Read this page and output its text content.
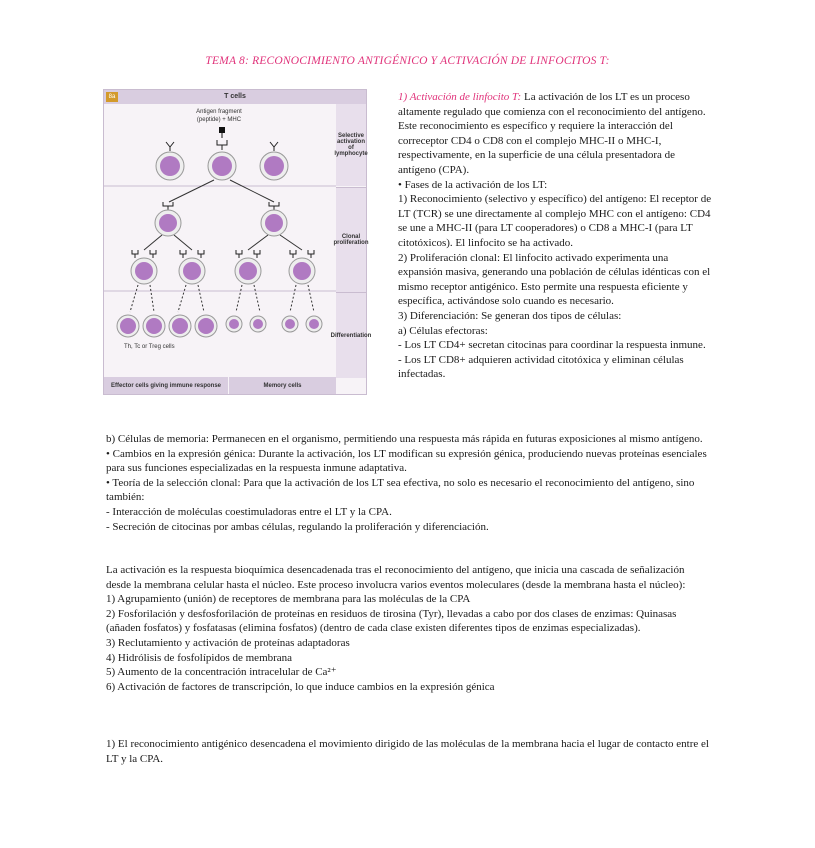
TEMA 8: RECONOCIMIENTO ANTIGÉNICO Y ACTIVACIÓN DE LINFOCITOS T:
T cells
8a
Selective activation of lymphocyte
Clonal proliferation
Differentiation
Antigen fragment
(peptide) + MHC
Th, Tc or Treg cells
Effector cells giving immune response	Memory cells

1) Activación de linfocito T: La activación de los LT es un proceso altamente regulado que comienza con el reconocimiento del antígeno. Este reconocimiento es específico y requiere la interacción del correceptor CD4 o CD8 con el complejo MHC-II o MHC-I, respectivamente, en la superficie de una célula presentadora de antígeno (CPA).

• Fases de la activación de los LT:

1) Reconocimiento (selectivo y específico) del antígeno: El receptor de LT (TCR) se une directamente al complejo MHC con el antígeno: CD4 se une a MHC-II (para LT cooperadores) o CD8 a MHC-I (para LT citotóxicos). El linfocito se ha activado.

2) Proliferación clonal: El linfocito activado experimenta una expansión masiva, generando una población de células idénticas con el mismo receptor antigénico. Esto permite una respuesta eficiente y específica, activándose solo cuando es necesario.

3) Diferenciación: Se generan dos tipos de células:

a) Células efectoras:

- Los LT CD4+ secretan citocinas para coordinar la respuesta inmune.

- Los LT CD8+ adquieren actividad citotóxica y eliminan células infectadas.

b) Células de memoria: Permanecen en el organismo, permitiendo una respuesta más rápida en futuras exposiciones al mismo antígeno.

• Cambios en la expresión génica: Durante la activación, los LT modifican su expresión génica, produciendo nuevas proteínas esenciales para sus funciones especializadas en la respuesta inmune adaptativa.

• Teoría de la selección clonal: Para que la activación de los LT sea efectiva, no solo es necesario el reconocimiento del antígeno, sino también:

- Interacción de moléculas coestimuladoras entre el LT y la CPA.

- Secreción de citocinas por ambas células, regulando la proliferación y diferenciación.

La activación es la respuesta bioquímica desencadenada tras el reconocimiento del antígeno, que inicia una cascada de señalización desde la membrana celular hasta el núcleo. Este proceso involucra varios eventos moleculares (desde la membrana hasta el núcleo):

1) Agrupamiento (unión) de receptores de membrana para las moléculas de la CPA

2) Fosforilación y desfosforilación de proteínas en residuos de tirosina (Tyr), llevadas a cabo por dos clases de enzimas: Quinasas (añaden fosfatos) y fosfatasas (elimina fosfatos) (dentro de cada clase existen diferentes tipos de enzimas especializadas).

3) Reclutamiento y activación de proteínas adaptadoras

4) Hidrólisis de fosfolípidos de membrana

5) Aumento de la concentración intracelular de Ca²⁺

6) Activación de factores de transcripción, lo que induce cambios en la expresión génica

1) El reconocimiento antigénico desencadena el movimiento dirigido de las moléculas de la membrana hacia el lugar de contacto entre el LT y la CPA.
